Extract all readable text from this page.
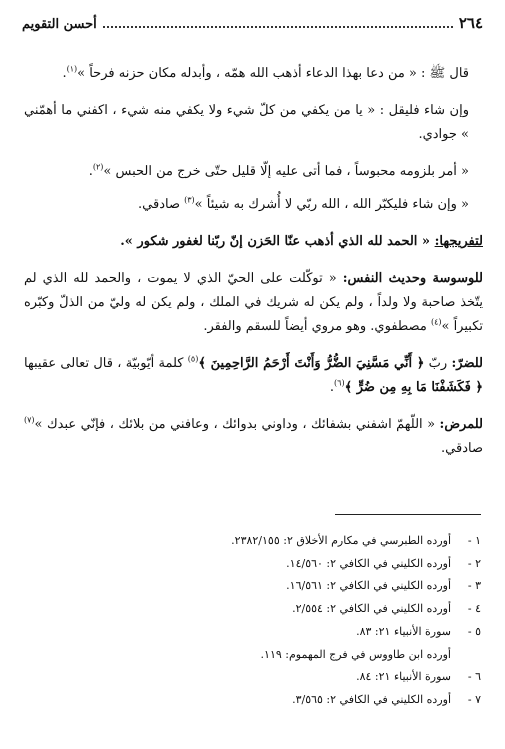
٢٦٤
أحسن التقويم

قال ﷺ : « من دعا بهذا الدعاء أذهب الله همّه ، وأبدله مكان حزنه فرحاً »$^{(١)}$.

وإن شاء فليقل : « يا من يكفي من كلّ شيء ولا يكفي منه شيء ، اكفني ما أهمّني » جوادي.

« أمر بلزومه محبوساً ، فما أتى عليه إلّا قليل حتّى خرج من الحبس »$^{(٢)}$.

« وإن شاء فليكبّر الله ، الله ربّي لا أُشرك به شيئاً »$^{(٣)}$ صادقي.

لتفريجها: « الحمد لله الذي أذهب عنّا الحَزن إنّ ربّنا لغفور شكور ».

للوسوسة وحديث النفس: « توكّلت على الحيّ الذي لا يموت ، والحمد لله الذي لم يتّخذ صاحبة ولا ولداً ، ولم يكن له شريك في الملك ، ولم يكن له وليّ من الذلّ وكبّره تكبيراً »$^{(٤)}$ مصطفوي. وهو مروي أيضاً للسقم والفقر.

للضرّ: ربّ ﴿ أَنِّي مَسَّنِيَ الضُّرُّ وَأَنْتَ أَرْحَمُ الرَّاحِمِينَ ﴾$^{(٥)}$ كلمة أيّوبيّة ، قال تعالى عقيبها ﴿ فَكَشَفْنَا مَا بِهِ مِن ضُرٍّ ﴾$^{(٦)}$.

للمرض: « اللّهمّ اشفني بشفائك ، وداوني بدوائك ، وعافني من بلائك ، فإنّي عبدك »$^{(٧)}$ صادقي.

١ -أورده الطبرسي في مكارم الأخلاق ٢: ٢٣٨٢/١٥٥.
٢ -أورده الكليني في الكافي ٢: ١٤/٥٦٠.
٣ -أورده الكليني في الكافي ٢: ١٦/٥٦١.
٤ -أورده الكليني في الكافي ٢: ٢/٥٥٤.
٥ -سورة الأنبياء ٢١: ٨٣.
أورده ابن طاووس في فرج المهموم: ١١٩.
٦ -سورة الأنبياء ٢١: ٨٤.
٧ -أورده الكليني في الكافي ٢: ٣/٥٦٥.
